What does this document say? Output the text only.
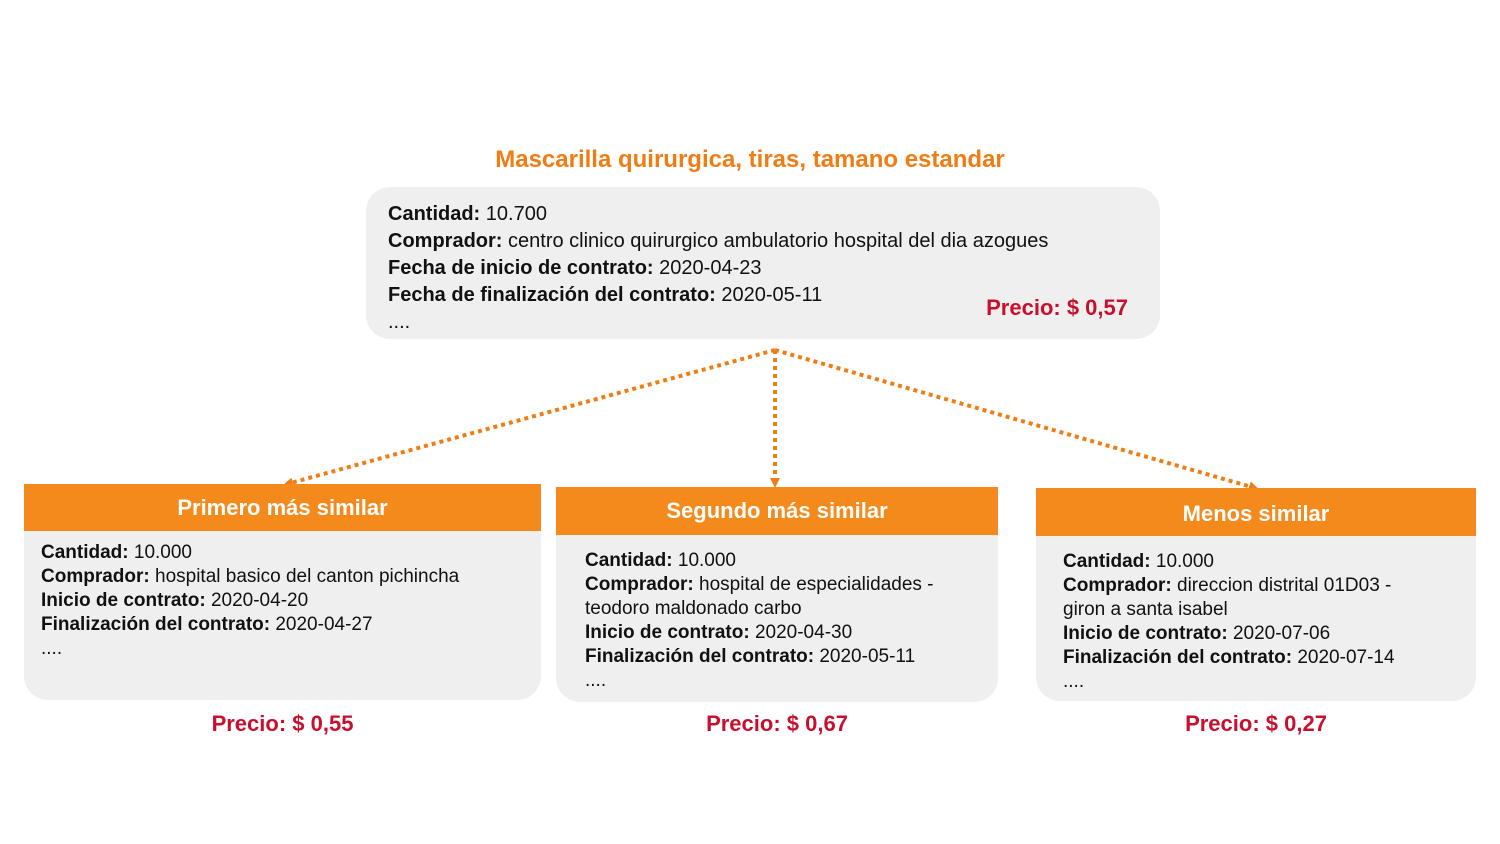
Mascarilla quirurgica, tiras, tamano estandar
Cantidad: 10.700
Comprador: centro clinico quirurgico ambulatorio hospital del dia azogues
Fecha de inicio de contrato: 2020-04-23
Fecha de finalización del contrato: 2020-05-11
....
Precio: $ 0,57
Primero más similar
Cantidad: 10.000
Comprador: hospital basico del canton pichincha
Inicio de contrato: 2020-04-20
Finalización del contrato: 2020-04-27
....
Precio: $ 0,55
Segundo más similar
Cantidad: 10.000
Comprador: hospital de especialidades -
teodoro maldonado carbo
Inicio de contrato: 2020-04-30
Finalización del contrato: 2020-05-11
....
Precio: $ 0,67
Menos similar
Cantidad: 10.000
Comprador: direccion distrital 01D03 -
giron a santa isabel
Inicio de contrato: 2020-07-06
Finalización del contrato: 2020-07-14
....
Precio: $ 0,27
